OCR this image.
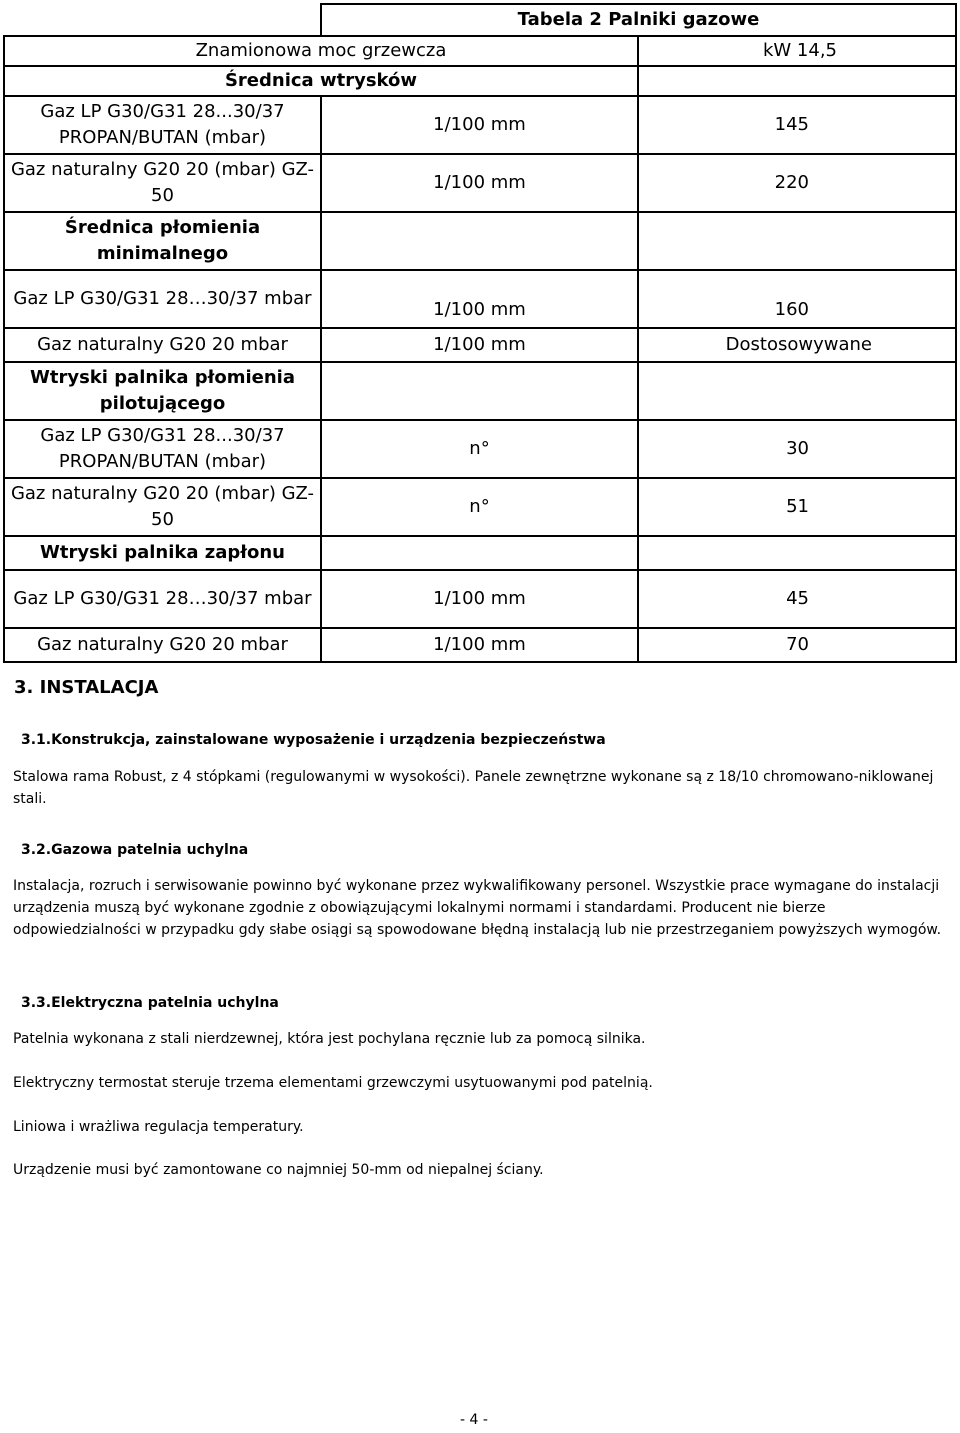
	Tabela 2 Palniki gazowe	
Znamionowa moc grzewcza		kW 14,5
Średnica wtrysków		
Gaz LP G30/G31 28...30/37 PROPAN/BUTAN (mbar)	1/100 mm	145
Gaz naturalny G20 20 (mbar) GZ-50	1/100 mm	220
Średnica płomienia minimalnego		
Gaz LP G30/G31 28…30/37 mbar	1/100 mm	160
Gaz naturalny G20 20 mbar	1/100 mm	Dostosowywane
Wtryski palnika płomienia pilotującego		
Gaz LP G30/G31 28...30/37 PROPAN/BUTAN (mbar)	n°	30
Gaz naturalny G20 20 (mbar) GZ-50	n°	51
Wtryski palnika zapłonu		
Gaz LP G30/G31 28…30/37 mbar	1/100 mm	45
Gaz naturalny G20 20 mbar	1/100 mm	70
3. INSTALACJA
3.1.Konstrukcja, zainstalowane wyposażenie i urządzenia bezpieczeństwa
Stalowa rama Robust, z 4 stópkami (regulowanymi w wysokości). Panele zewnętrzne wykonane są z 18/10 chromowano-niklowanej stali.
3.2.Gazowa patelnia uchylna
Instalacja, rozruch i serwisowanie powinno być wykonane przez wykwalifikowany personel. Wszystkie prace wymagane do instalacji urządzenia muszą być wykonane zgodnie z obowiązującymi lokalnymi normami i standardami. Producent nie bierze odpowiedzialności w przypadku gdy słabe osiągi są spowodowane błędną instalacją lub nie przestrzeganiem powyższych wymogów.
3.3.Elektryczna patelnia uchylna
Patelnia wykonana z stali nierdzewnej, która jest pochylana ręcznie lub za pomocą silnika.
Elektryczny termostat steruje trzema elementami grzewczymi usytuowanymi pod patelnią.
Liniowa i wrażliwa regulacja temperatury.
Urządzenie musi być zamontowane co najmniej 50-mm od niepalnej ściany.
- 4 -
